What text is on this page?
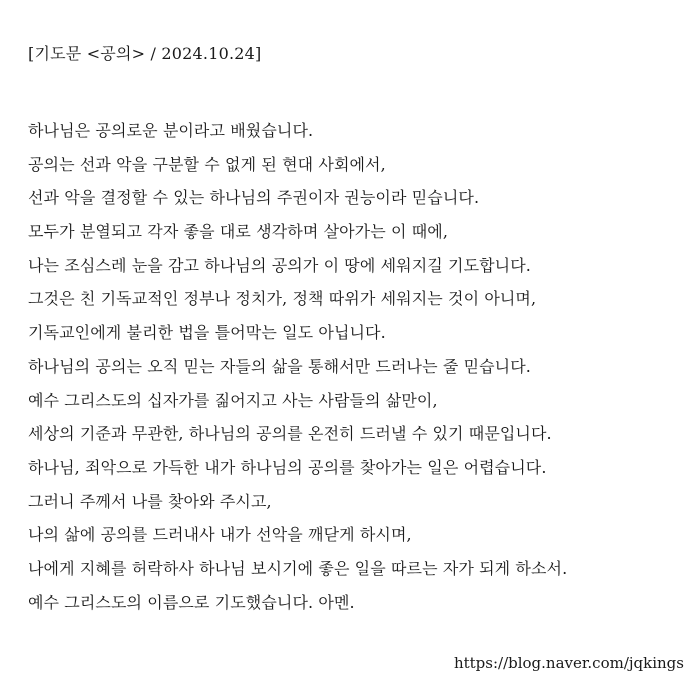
[기도문 <공의> / 2024.10.24]
하나님은 공의로운 분이라고 배웠습니다.
공의는 선과 악을 구분할 수 없게 된 현대 사회에서,
선과 악을 결정할 수 있는 하나님의 주권이자 권능이라 믿습니다.
모두가 분열되고 각자 좋을 대로 생각하며 살아가는 이 때에,
나는 조심스레 눈을 감고 하나님의 공의가 이 땅에 세워지길 기도합니다.
그것은 친 기독교적인 정부나 정치가, 정책 따위가 세워지는 것이 아니며,
기독교인에게 불리한 법을 틀어막는 일도 아닙니다.
하나님의 공의는 오직 믿는 자들의 삶을 통해서만 드러나는 줄 믿습니다.
예수 그리스도의 십자가를 짊어지고 사는 사람들의 삶만이,
세상의 기준과 무관한, 하나님의 공의를 온전히 드러낼 수 있기 때문입니다.
하나님, 죄악으로 가득한 내가 하나님의 공의를 찾아가는 일은 어렵습니다.
그러니 주께서 나를 찾아와 주시고,
나의 삶에 공의를 드러내사 내가 선악을 깨닫게 하시며,
나에게 지혜를 허락하사 하나님 보시기에 좋은 일을 따르는 자가 되게 하소서.
예수 그리스도의 이름으로 기도했습니다. 아멘.
https://blog.naver.com/jqkings
